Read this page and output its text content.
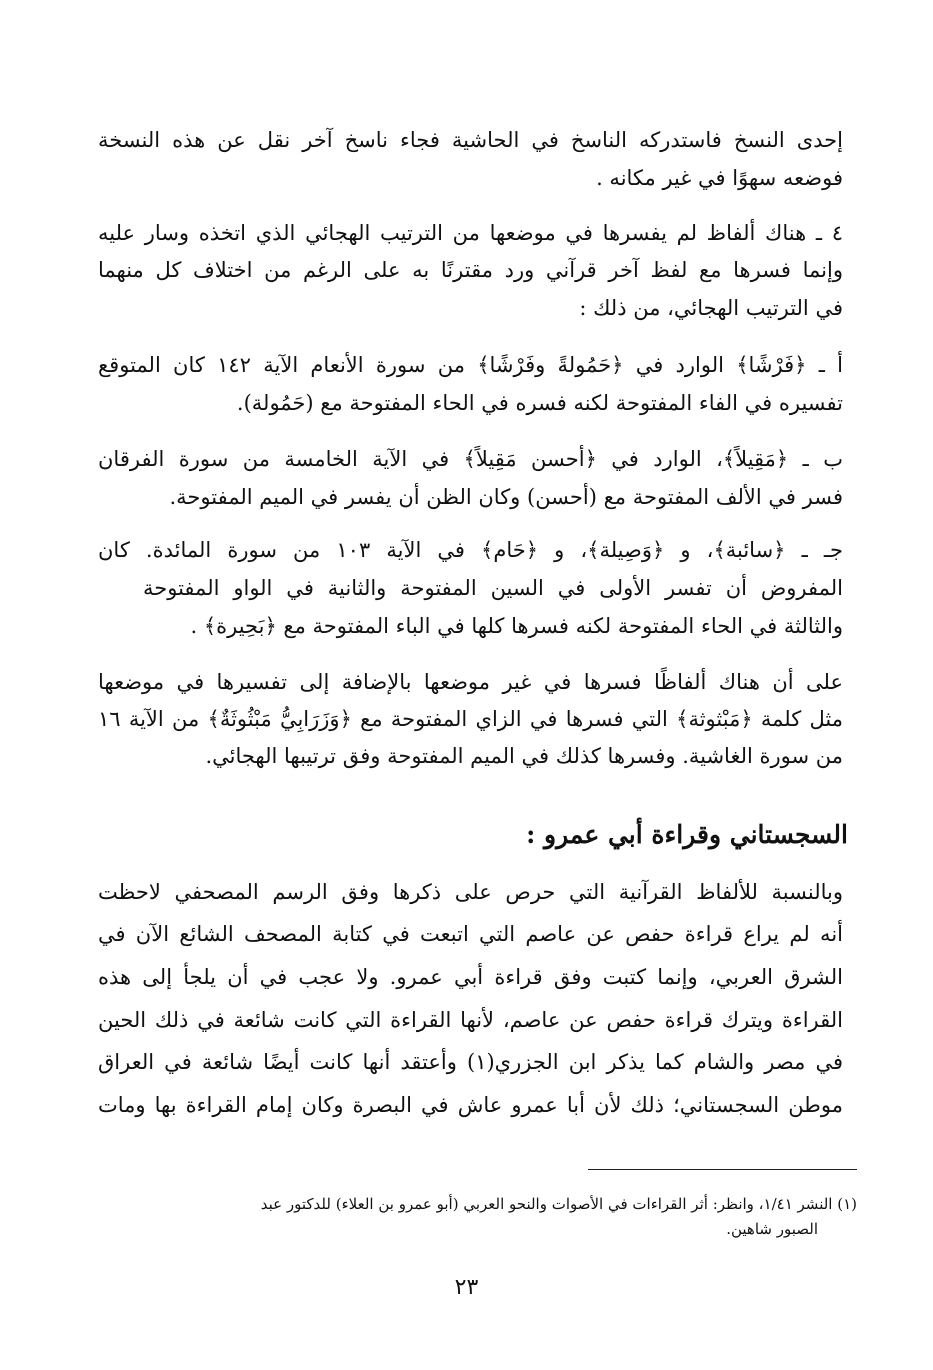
إحدى النسخ فاستدركه الناسخ في الحاشية فجاء ناسخ آخر نقل عن هذه النسخة
فوضعه سهوًا في غير مكانه .
٤ ـ هناك ألفاظ لم يفسرها في موضعها من الترتيب الهجائي الذي اتخذه وسار عليه
وإنما فسرها مع لفظ آخر قرآني ورد مقترنًا به على الرغم من اختلاف كل منهما
في الترتيب الهجائي، من ذلك :
أ ـ ﴿فَرْشًا﴾ الوارد في ﴿حَمُولةً وفَرْشًا﴾ من سورة الأنعام الآية ١٤٢ كان المتوقع
تفسيره في الفاء المفتوحة لكنه فسره في الحاء المفتوحة مع (حَمُولة).
ب ـ ﴿مَقِيلاً﴾، الوارد في ﴿أحسن مَقِيلاً﴾ في الآية الخامسة من سورة الفرقان
فسر في الألف المفتوحة مع (أحسن) وكان الظن أن يفسر في الميم المفتوحة.
جـ ـ ﴿سائبة﴾، و ﴿وَصِيلة﴾، و ﴿حَام﴾ في الآية ١٠٣ من سورة المائدة. كان
المفروض أن تفسر الأولى في السين المفتوحة والثانية في الواو المفتوحة
والثالثة في الحاء المفتوحة لكنه فسرها كلها في الباء المفتوحة مع ﴿بَحِيرة﴾ .
على أن هناك ألفاظًا فسرها في غير موضعها بالإضافة إلى تفسيرها في موضعها
مثل كلمة ﴿مَبْثوثة﴾ التي فسرها في الزاي المفتوحة مع ﴿وَزَرَابِيُّ مَبْثُوثَةٌ﴾ من الآية ١٦
من سورة الغاشية. وفسرها كذلك في الميم المفتوحة وفق ترتيبها الهجائي.
السجستاني وقراءة أبي عمرو :
وبالنسبة للألفاظ القرآنية التي حرص على ذكرها وفق الرسم المصحفي لاحظت
أنه لم يراع قراءة حفص عن عاصم التي اتبعت في كتابة المصحف الشائع الآن في
الشرق العربي، وإنما كتبت وفق قراءة أبي عمرو. ولا عجب في أن يلجأ إلى هذه
القراءة ويترك قراءة حفص عن عاصم، لأنها القراءة التي كانت شائعة في ذلك الحين
في مصر والشام كما يذكر ابن الجزري(١) وأعتقد أنها كانت أيضًا شائعة في العراق
موطن السجستاني؛ ذلك لأن أبا عمرو عاش في البصرة وكان إمام القراءة بها ومات
(١) النشر ١/٤١، وانظر: أثر القراءات في الأصوات والنحو العربي (أبو عمرو بن العلاء) للدكتور عبد
الصبور شاهين.
٢٣
